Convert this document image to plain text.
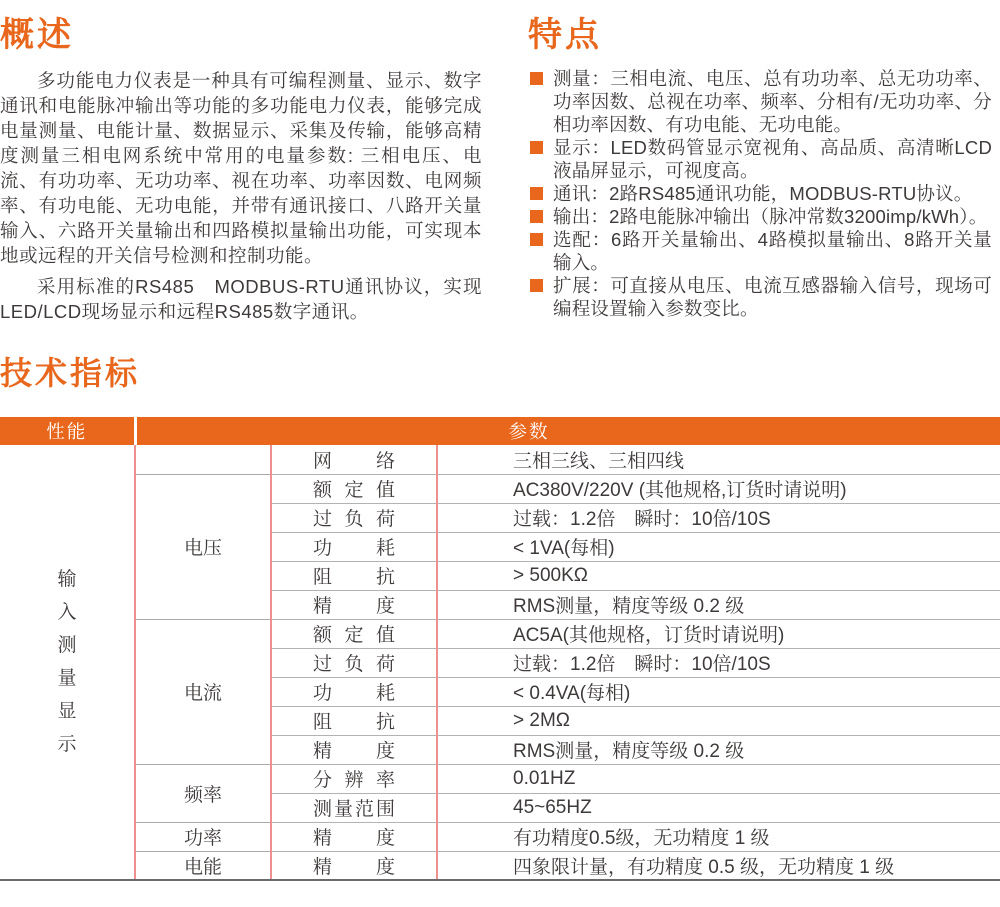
概述

多功能电力仪表是一种具有可编程测量、显示、数字通讯和电能脉冲输出等功能的多功能电力仪表，能够完成电量测量、电能计量、数据显示、采集及传输，能够高精度测量三相电网系统中常用的电量参数: 三相电压、电流、有功功率、无功功率、视在功率、功率因数、电网频率、有功电能、无功电能，并带有通讯接口、八路开关量输入、六路开关量输出和四路模拟量输出功能，可实现本地或远程的开关信号检测和控制功能。

采用标准的RS485　MODBUS-RTU通讯协议，实现LED/LCD现场显示和远程RS485数字通讯。

特点
测量：三相电流、电压、总有功功率、总无功功率、功率因数、总视在功率、频率、分相有/无功功率、分相功率因数、有功电能、无功电能。
显示：LED数码管显示宽视角、高品质、高清晰LCD液晶屏显示，可视度高。
通讯：2路RS485通讯功能，MODBUS-RTU协议。
输出：2路电能脉冲输出（脉冲常数3200imp/kWh）。
选配：6路开关量输出、4路模拟量输出、8路开关量输入。
扩展：可直接从电压、电流互感器输入信号，现场可编程设置输入参数变比。
技术指标
性能	参数		

输入测量显示		网络	三相三线、三相四线
	电压	额定值	AC380V/220V (其他规格,订货时请说明)
		过负荷	过载：1.2倍　瞬时：10倍/10S
		功耗	< 1VA(每相)
		阻抗	> 500KΩ
		精度	RMS测量，精度等级 0.2 级
	电流	额定值	AC5A(其他规格，订货时请说明)
		过负荷	过载：1.2倍　瞬时：10倍/10S
		功耗	< 0.4VA(每相)
		阻抗	> 2MΩ
		精度	RMS测量，精度等级 0.2 级
	频率	分辨率	0.01HZ
		测量范围	45~65HZ
	功率	精度	有功精度0.5级，无功精度 1 级
	电能	精度	四象限计量，有功精度 0.5 级，无功精度 1 级
